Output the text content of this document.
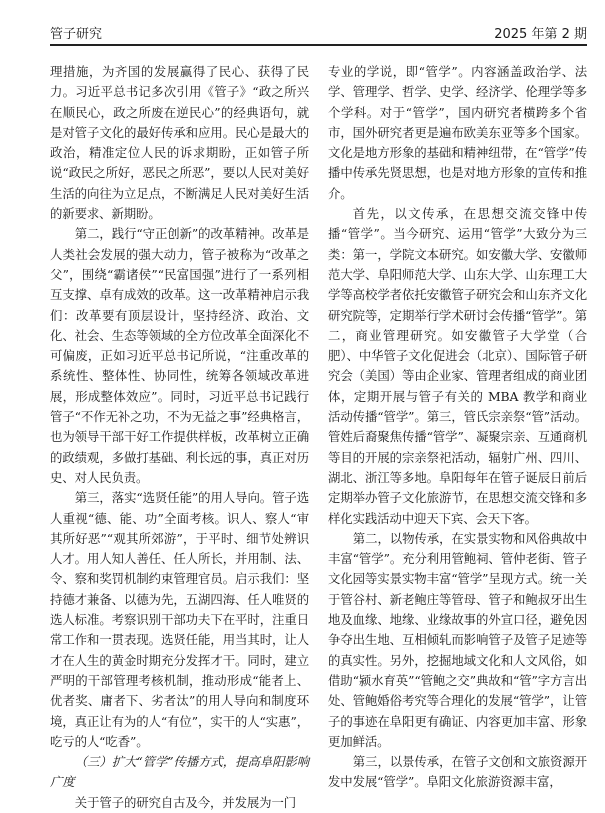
管子研究	2025 年第 2 期

理措施，为齐国的发展赢得了民心、获得了民力。习近平总书记多次引用《管子》“政之所兴在顺民心，政之所废在逆民心”的经典语句，就是对管子文化的最好传承和应用。民心是最大的政治，精准定位人民的诉求期盼，正如管子所说“政民之所好，恶民之所恶”，要以人民对美好生活的向往为立足点，不断满足人民对美好生活的新要求、新期盼。

第二，践行“守正创新”的改革精神。改革是人类社会发展的强大动力，管子被称为“改革之父”，围绕“霸诸侯”“民富国强”进行了一系列相互支撑、卓有成效的改革。这一改革精神启示我们：改革要有顶层设计，坚持经济、政治、文化、社会、生态等领域的全方位改革全面深化不可偏废，正如习近平总书记所说，“注重改革的系统性、整体性、协同性，统筹各领域改革进展，形成整体效应”。同时，习近平总书记践行管子“不作无补之功，不为无益之事”经典格言，也为领导干部干好工作提供样板，改革树立正确的政绩观，多做打基础、利长远的事，真正对历史、对人民负责。

第三，落实“选贤任能”的用人导向。管子选人重视“德、能、功”全面考核。识人、察人“审其所好恶”“观其所郊游”，于平时、细节处辨识人才。用人知人善任、任人所长，并用制、法、令、察和奖罚机制约束管理官员。启示我们：坚持德才兼备、以德为先，五湖四海、任人唯贤的选人标准。考察识别干部功夫下在平时，注重日常工作和一贯表现。选贤任能，用当其时，让人才在人生的黄金时期充分发挥才干。同时，建立严明的干部管理考核机制，推动形成“能者上、优者奖、庸者下、劣者汰”的用人导向和制度环境，真正让有为的人“有位”，实干的人“实惠”，吃亏的人“吃香”。

（三）扩大“管学”传播方式，提高阜阳影响广度

关于管子的研究自古及今，并发展为一门

专业的学说，即“管学”。内容涵盖政治学、法学、管理学、哲学、史学、经济学、伦理学等多个学科。对于“管学”，国内研究者横跨多个省市，国外研究者更是遍布欧美东亚等多个国家。文化是地方形象的基础和精神纽带，在“管学”传播中传承先贤思想，也是对地方形象的宣传和推介。

首先，以文传承，在思想交流交锋中传播“管学”。当今研究、运用“管学”大致分为三类：第一，学院文本研究。如安徽大学、安徽师范大学、阜阳师范大学、山东大学、山东理工大学等高校学者依托安徽管子研究会和山东齐文化研究院等，定期举行学术研讨会传播“管学”。第二，商业管理研究。如安徽管子大学堂（合肥）、中华管子文化促进会（北京）、国际管子研究会（美国）等由企业家、管理者组成的商业团体，定期开展与管子有关的 MBA 教学和商业活动传播“管学”。第三，管氏宗亲祭“管”活动。管姓后裔聚焦传播“管学”、凝聚宗亲、互通商机等目的开展的宗亲祭祀活动，辐射广州、四川、湖北、浙江等多地。阜阳每年在管子诞辰日前后定期举办管子文化旅游节，在思想交流交锋和多样化实践活动中迎天下宾、会天下客。

第二，以物传承，在实景实物和风俗典故中丰富“管学”。充分利用管鲍祠、管仲老街、管子文化园等实景实物丰富“管学”呈现方式。统一关于管谷村、新老鲍庄等管母、管子和鲍叔牙出生地及血缘、地缘、业缘故事的外宣口径，避免因争夺出生地、互相倾轧而影响管子及管子足迹等的真实性。另外，挖掘地域文化和人文风俗，如借助“颍水育英”“管鲍之交”典故和“管”字方言出处、管鲍婚俗考究等合理化的发展“管学”，让管子的事迹在阜阳更有确证、内容更加丰富、形象更加鲜活。

第三，以景传承，在管子文创和文旅资源开发中发展“管学”。阜阳文化旅游资源丰富，
